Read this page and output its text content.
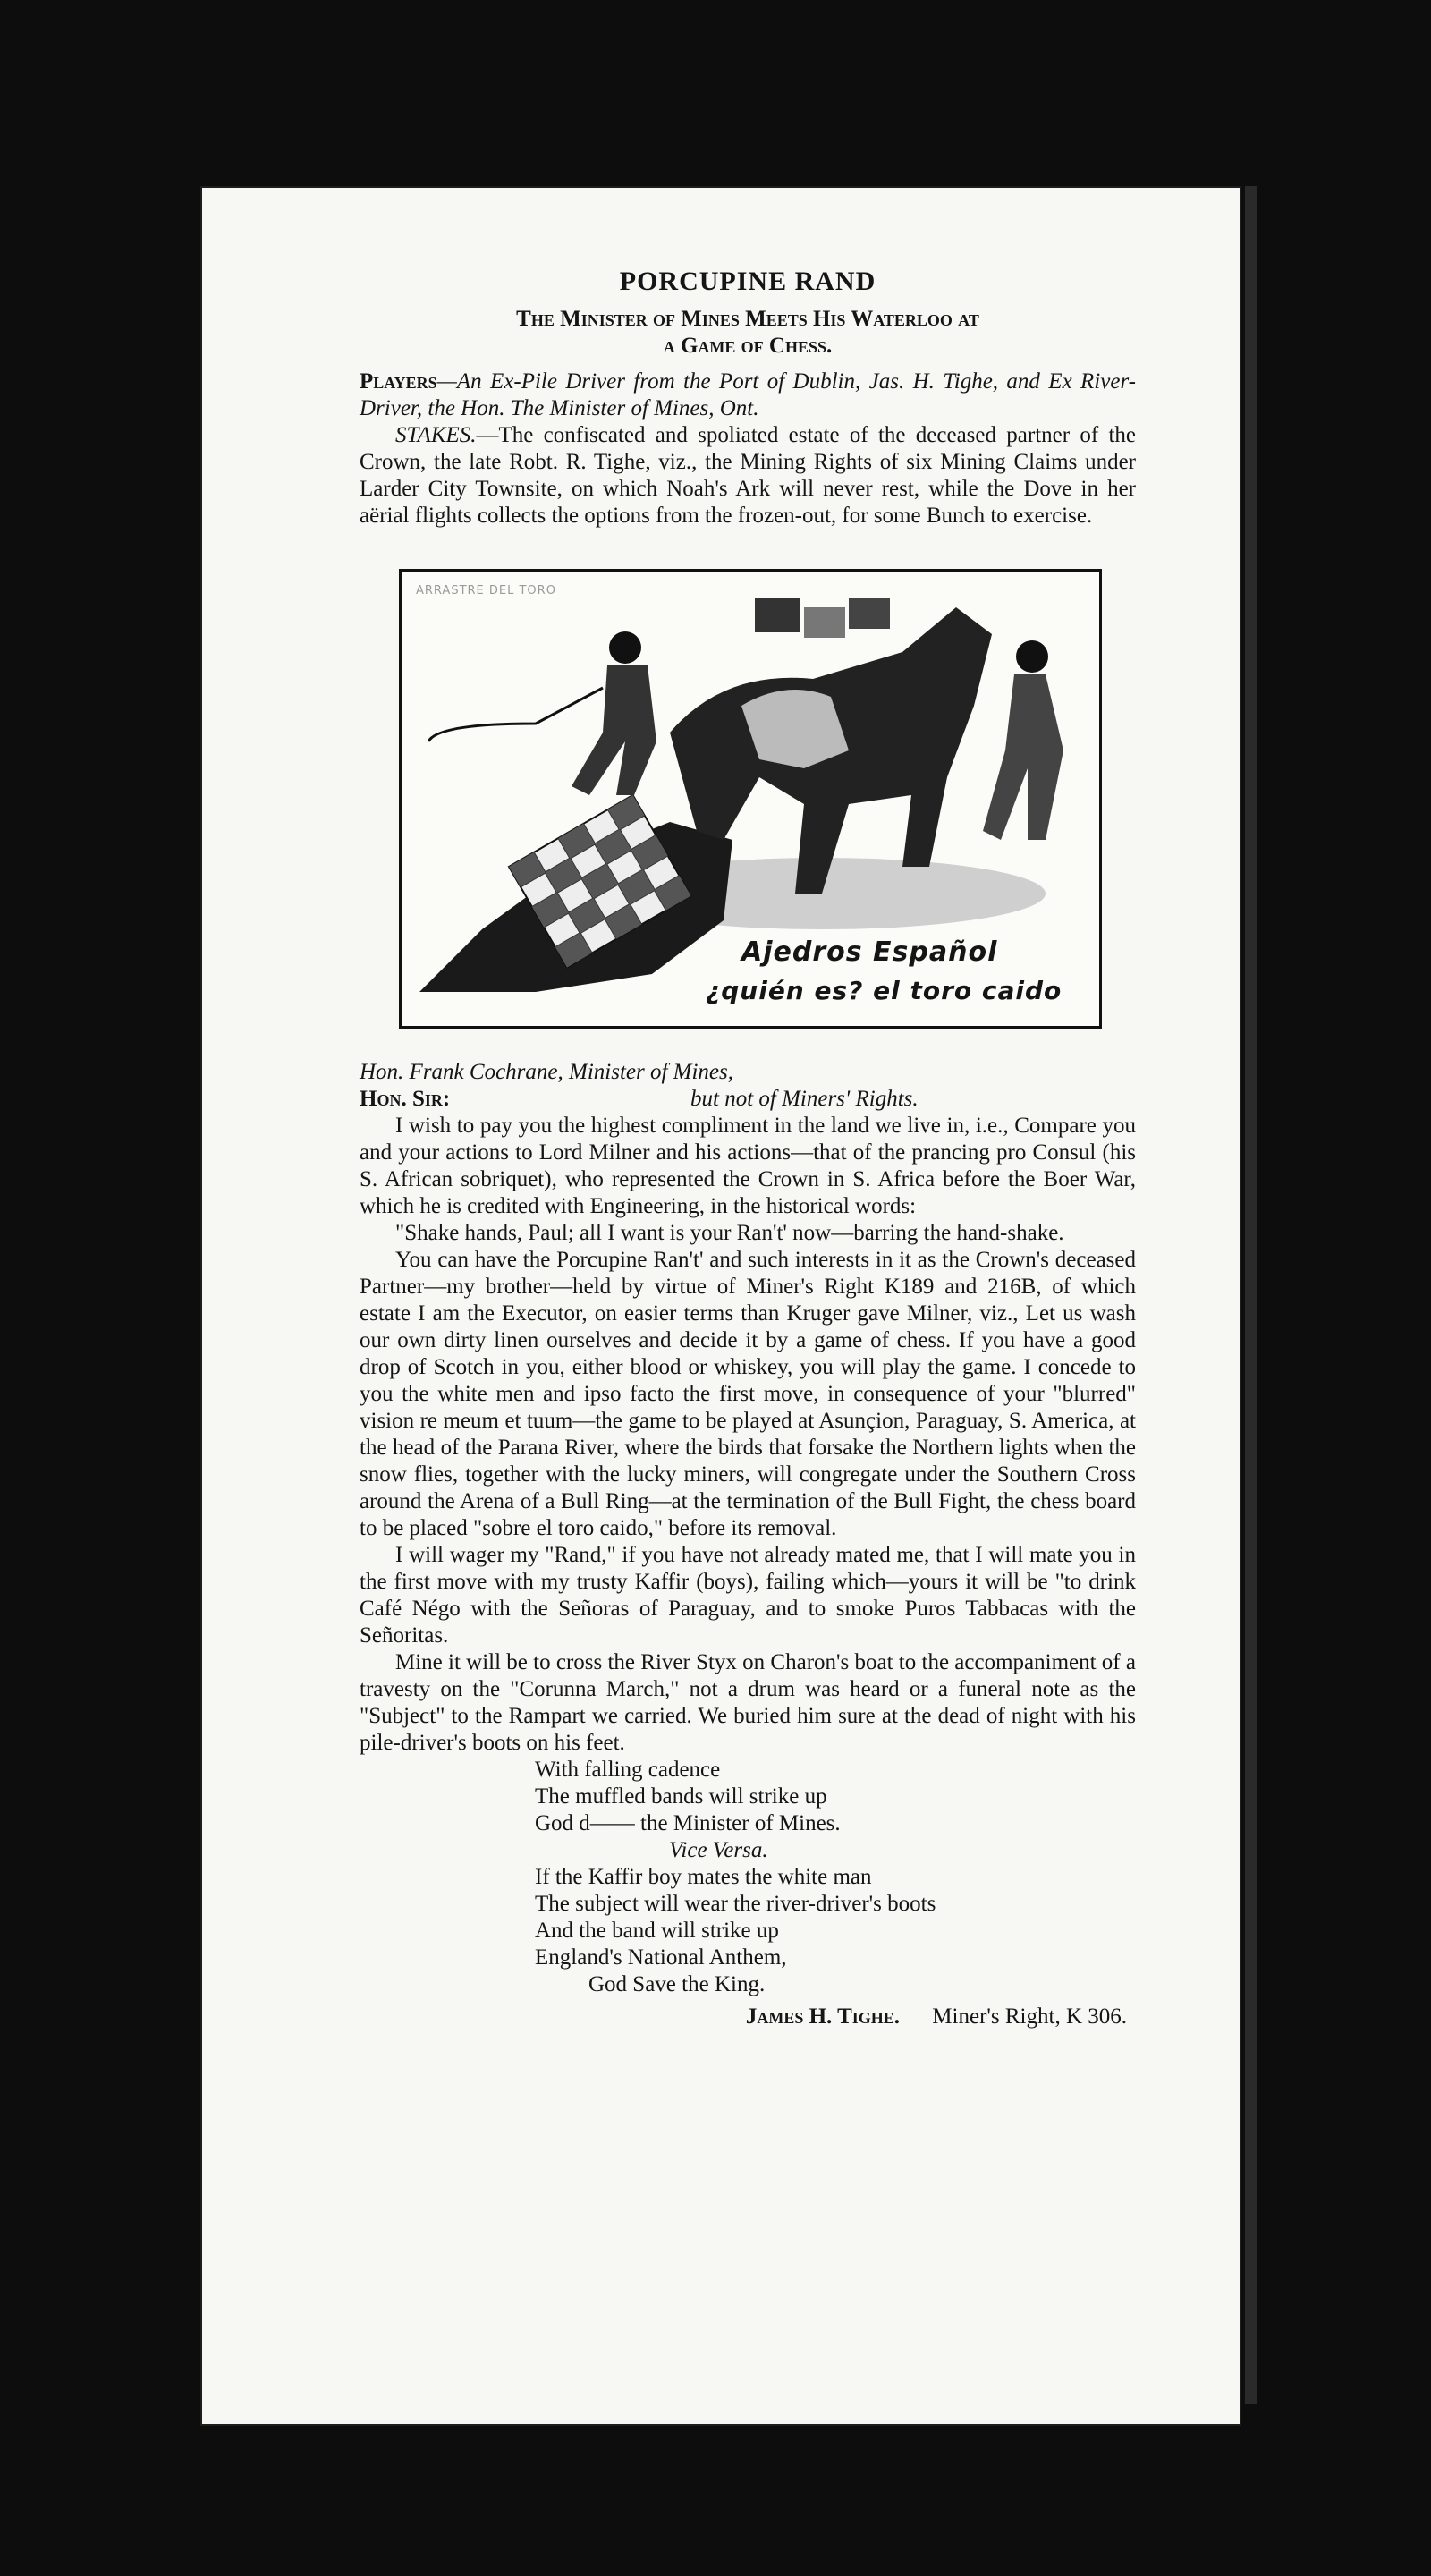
PORCUPINE RAND
The Minister of Mines Meets His Waterloo at
a Game of Chess.

Players—An Ex-Pile Driver from the Port of Dublin, Jas. H. Tighe, and Ex River-Driver, the Hon. The Minister of Mines, Ont.

STAKES.—The confiscated and spoliated estate of the deceased partner of the Crown, the late Robt. R. Tighe, viz., the Mining Rights of six Mining Claims under Larder City Townsite, on which Noah's Ark will never rest, while the Dove in her aërial flights collects the options from the frozen-out, for some Bunch to exercise.

ARRASTRE DEL TORO
Ajedros Español
¿quién es? el toro caido

Hon. Frank Cochrane, Minister of Mines,

Hon. Sir:	but not of Miners' Rights.

I wish to pay you the highest compliment in the land we live in, i.e., Compare you and your actions to Lord Milner and his actions—that of the prancing pro Consul (his S. African sobriquet), who represented the Crown in S. Africa before the Boer War, which he is credited with Engineering, in the historical words:

"Shake hands, Paul; all I want is your Ran't' now—barring the hand-shake.

You can have the Porcupine Ran't' and such interests in it as the Crown's deceased Partner—my brother—held by virtue of Miner's Right K189 and 216B, of which estate I am the Executor, on easier terms than Kruger gave Milner, viz., Let us wash our own dirty linen ourselves and decide it by a game of chess. If you have a good drop of Scotch in you, either blood or whiskey, you will play the game. I concede to you the white men and ipso facto the first move, in consequence of your "blurred" vision re meum et tuum—the game to be played at Asunçion, Paraguay, S. America, at the head of the Parana River, where the birds that forsake the Northern lights when the snow flies, together with the lucky miners, will congregate under the Southern Cross around the Arena of a Bull Ring—at the termination of the Bull Fight, the chess board to be placed "sobre el toro caido," before its removal.

I will wager my "Rand," if you have not already mated me, that I will mate you in the first move with my trusty Kaffir (boys), failing which—yours it will be "to drink Café Négo with the Señoras of Paraguay, and to smoke Puros Tabbacas with the Señoritas.

Mine it will be to cross the River Styx on Charon's boat to the accompaniment of a travesty on the "Corunna March," not a drum was heard or a funeral note as the "Subject" to the Rampart we carried. We buried him sure at the dead of night with his pile-driver's boots on his feet.

With falling cadence
The muffled bands will strike up
God d—— the Minister of Mines.
Vice Versa.
If the Kaffir boy mates the white man
The subject will wear the river-driver's boots
And the band will strike up
England's National Anthem,
God Save the King.
James H. Tighe. Miner's Right, K 306.
